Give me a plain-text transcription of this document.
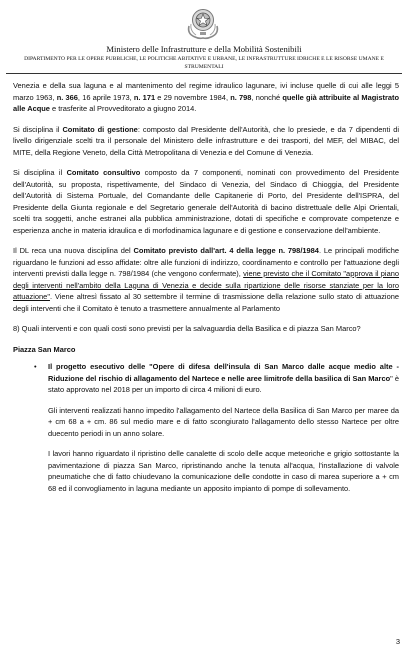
Ministero delle Infrastrutture e della Mobilità Sostenibili
DIPARTIMENTO PER LE OPERE PUBBLICHE, LE POLITICHE ABITATIVE E URBANE, LE INFRASTRUTTURE IDRICHE E LE RISORSE UMANE E STRUMENTALI

Venezia e della sua laguna e al mantenimento del regime idraulico lagunare, ivi incluse quelle di cui alle leggi 5 marzo 1963, n. 366, 16 aprile 1973, n. 171 e 29 novembre 1984, n. 798, nonché quelle già attribuite al Magistrato alle Acque e trasferite al Provveditorato a giugno 2014.

Si disciplina il Comitato di gestione: composto dal Presidente dell'Autorità, che lo presiede, e da 7 dipendenti di livello dirigenziale scelti tra il personale del Ministero delle infrastrutture e dei trasporti, del MEF, del MIBAC, del MITE, della Regione Veneto, della Città Metropolitana di Venezia e del Comune di Venezia.

Si disciplina il Comitato consultivo composto da 7 componenti, nominati con provvedimento del Presidente dell'Autorità, su proposta, rispettivamente, del Sindaco di Venezia, del Sindaco di Chioggia, del Presidente dell'Autorità di Sistema Portuale, del Comandante delle Capitanerie di Porto, del Presidente dell'ISPRA, del Presidente della Giunta regionale e del Segretario generale dell'Autorità di bacino distrettuale delle Alpi Orientali, scelti tra soggetti, anche estranei alla pubblica amministrazione, dotati di specifiche e comprovate competenze e esperienza anche in materia idraulica e di morfodinamica lagunare e di gestione e conservazione dell'ambiente.

Il DL reca una nuova disciplina del Comitato previsto dall'art. 4 della legge n. 798/1984. Le principali modifiche riguardano le funzioni ad esso affidate: oltre alle funzioni di indirizzo, coordinamento e controllo per l'attuazione degli interventi previsti dalla legge n. 798/1984 (che vengono confermate), viene previsto che il Comitato "approva il piano degli interventi nell'ambito della Laguna di Venezia e decide sulla ripartizione delle risorse stanziate per la loro attuazione". Viene altresì fissato al 30 settembre il termine di trasmissione della relazione sullo stato di attuazione degli interventi che il Comitato è tenuto a trasmettere annualmente al Parlamento

8) Quali interventi e con quali costi sono previsti per la salvaguardia della Basilica e di piazza San Marco?

Piazza San Marco

• Il progetto esecutivo delle "Opere di difesa dell'insula di San Marco dalle acque medio alte - Riduzione del rischio di allagamento del Nartece e nelle aree limitrofe della basilica di San Marco" è stato approvato nel 2018 per un importo di circa 4 milioni di euro.

Gli interventi realizzati hanno impedito l'allagamento del Nartece della Basilica di San Marco per maree da + cm 68 a + cm. 86 sul medio mare e di fatto scongiurato l'allagamento dello stesso Nartece per oltre duecento periodi in un anno solare.

I lavori hanno riguardato il ripristino delle canalette di scolo delle acque meteoriche e grigio sottostante la pavimentazione di piazza San Marco, ripristinando anche la tenuta all'acqua, l'installazione di valvole pneumatiche che di fatto chiudevano la comunicazione delle condotte in caso di marea superiore a + cm 68 ed il convogliamento in laguna mediante un apposito impianto di pompe di sollevamento.

3
